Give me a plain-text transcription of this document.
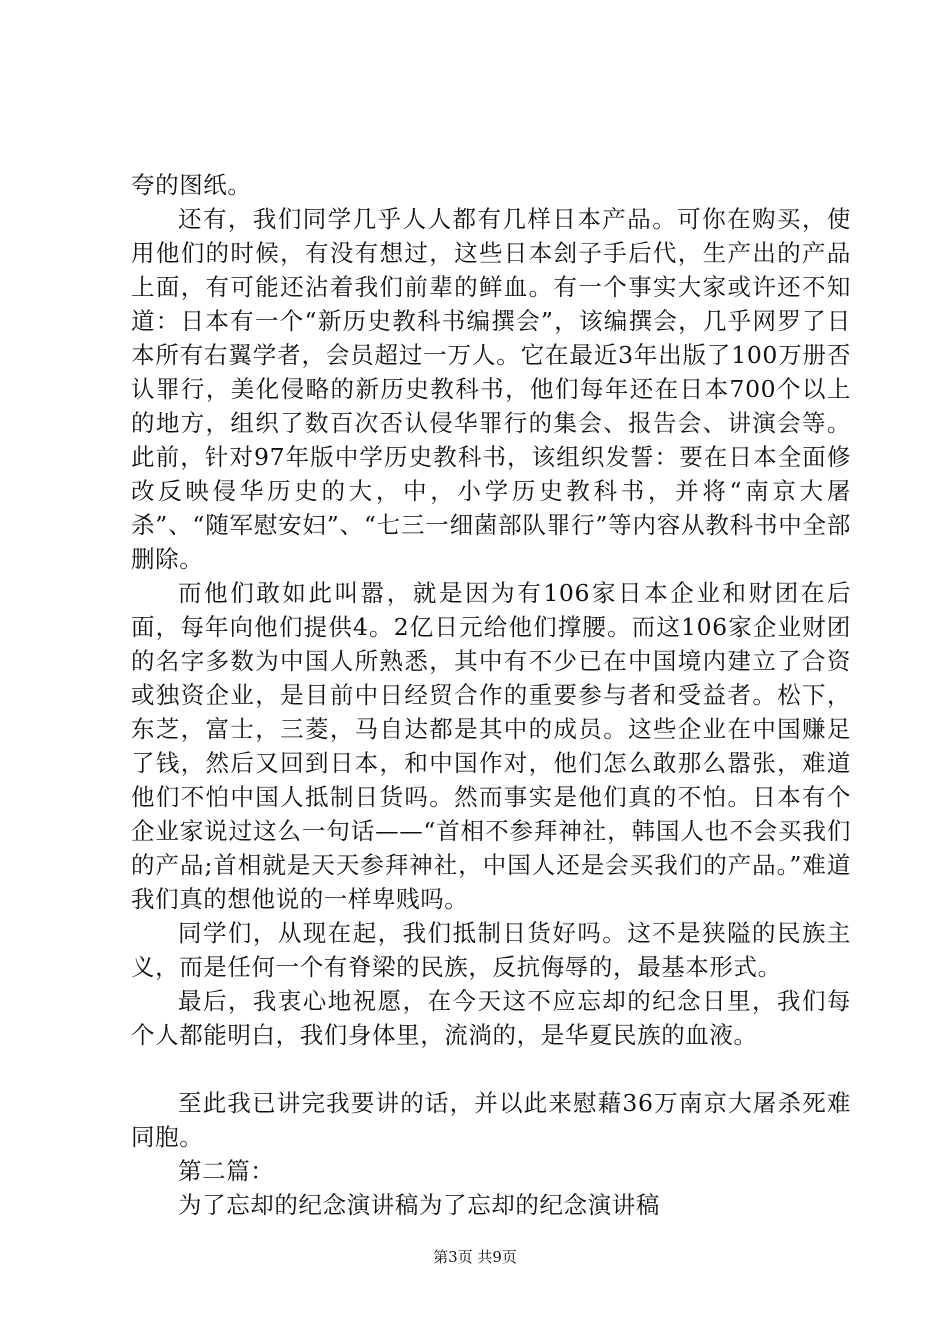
夸的图纸。

还有，我们同学几乎人人都有几样日本产品。可你在购买，使用他们的时候，有没有想过，这些日本刽子手后代，生产出的产品上面，有可能还沾着我们前辈的鲜血。有一个事实大家或许还不知道：日本有一个“新历史教科书编撰会”，该编撰会，几乎网罗了日本所有右翼学者，会员超过一万人。它在最近3年出版了100万册否认罪行，美化侵略的新历史教科书，他们每年还在日本700个以上的地方，组织了数百次否认侵华罪行的集会、报告会、讲演会等。此前，针对97年版中学历史教科书，该组织发誓：要在日本全面修改反映侵华历史的大，中，小学历史教科书，并将“南京大屠杀”、“随军慰安妇”、“七三一细菌部队罪行”等内容从教科书中全部删除。

而他们敢如此叫嚣，就是因为有106家日本企业和财团在后面，每年向他们提供4。2亿日元给他们撑腰。而这106家企业财团的名字多数为中国人所熟悉，其中有不少已在中国境内建立了合资或独资企业，是目前中日经贸合作的重要参与者和受益者。松下，东芝，富士，三菱，马自达都是其中的成员。这些企业在中国赚足了钱，然后又回到日本，和中国作对，他们怎么敢那么嚣张，难道他们不怕中国人抵制日货吗。然而事实是他们真的不怕。日本有个企业家说过这么一句话——“首相不参拜神社，韩国人也不会买我们的产品;首相就是天天参拜神社，中国人还是会买我们的产品。”难道我们真的想他说的一样卑贱吗。

同学们，从现在起，我们抵制日货好吗。这不是狭隘的民族主义，而是任何一个有脊梁的民族，反抗侮辱的，最基本形式。

最后，我衷心地祝愿，在今天这不应忘却的纪念日里，我们每个人都能明白，我们身体里，流淌的，是华夏民族的血液。

至此我已讲完我要讲的话，并以此来慰藉36万南京大屠杀死难同胞。

第二篇：

为了忘却的纪念演讲稿为了忘却的纪念演讲稿

第3页 共9页
